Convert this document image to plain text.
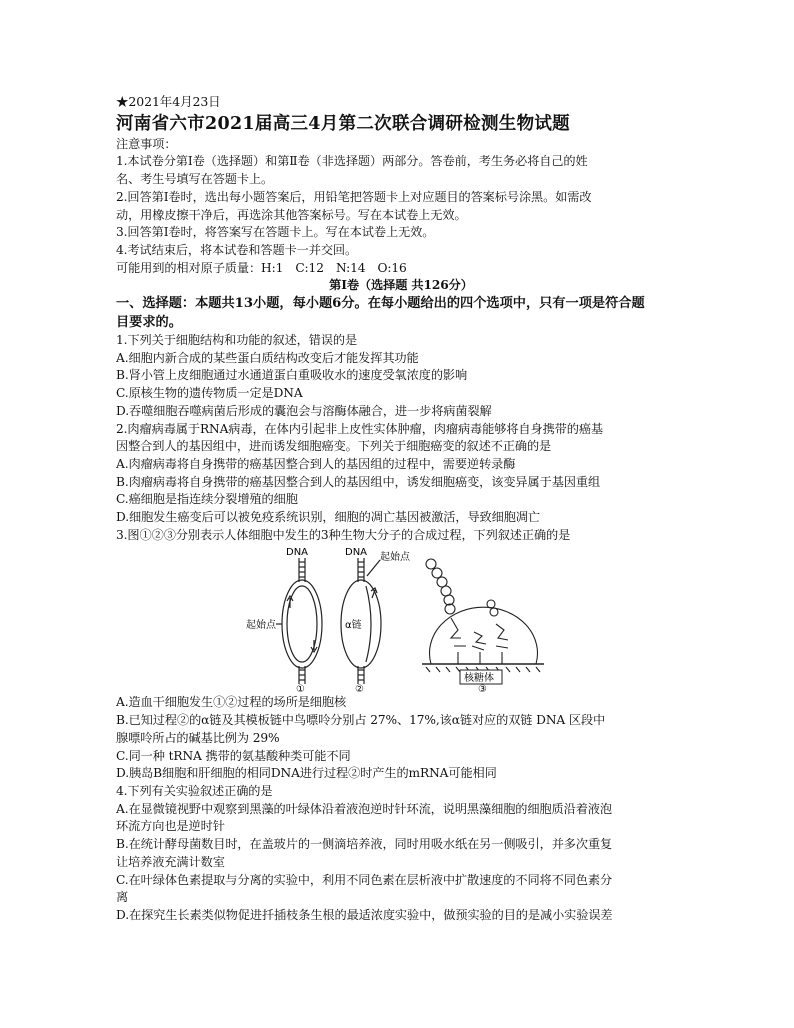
★2021年4月23日
河南省六市2021届高三4月第二次联合调研检测生物试题
注意事项：
1.本试卷分第Ⅰ卷（选择题）和第Ⅱ卷（非选择题）两部分。答卷前，考生务必将自己的姓
名、考生号填写在答题卡上。
2.回答第Ⅰ卷时，选出每小题答案后，用铅笔把答题卡上对应题目的答案标号涂黑。如需改
动，用橡皮擦干净后，再选涂其他答案标号。写在本试卷上无效。
3.回答第Ⅰ卷时，将答案写在答题卡上。写在本试卷上无效。
4.考试结束后，将本试卷和答题卡一并交回。
可能用到的相对原子质量：H:1　C:12　N:14　O:16
第Ⅰ卷（选择题 共126分）
一、选择题：本题共13小题，每小题6分。在每小题给出的四个选项中，只有一项是符合题
目要求的。
1.下列关于细胞结构和功能的叙述，错误的是
A.细胞内新合成的某些蛋白质结构改变后才能发挥其功能
B.肾小管上皮细胞通过水通道蛋白重吸收水的速度受氧浓度的影响
C.原核生物的遗传物质一定是DNA
D.吞噬细胞吞噬病菌后形成的囊泡会与溶酶体融合，进一步将病菌裂解
2.肉瘤病毒属于RNA病毒，在体内引起非上皮性实体肿瘤，肉瘤病毒能够将自身携带的癌基
因整合到人的基因组中，进而诱发细胞癌变。下列关于细胞癌变的叙述不正确的是
A.肉瘤病毒将自身携带的癌基因整合到人的基因组的过程中，需要逆转录酶
B.肉瘤病毒将自身携带的癌基因整合到人的基因组中，诱发细胞癌变，该变异属于基因重组
C.癌细胞是指连续分裂增殖的细胞
D.细胞发生癌变后可以被免疫系统识别，细胞的凋亡基因被激活，导致细胞凋亡
3.图①②③分别表示人体细胞中发生的3种生物大分子的合成过程，下列叙述正确的是
DNA
起始点
①
DNA 起始点
α链
②
核糖体
③
A.造血干细胞发生①②过程的场所是细胞核
B.已知过程②的α链及其模板链中鸟嘌呤分别占 27%、17%,该α链对应的双链 DNA 区段中
腺嘌呤所占的碱基比例为 29%
C.同一种 tRNA 携带的氨基酸种类可能不同
D.胰岛B细胞和肝细胞的相同DNA进行过程②时产生的mRNA可能相同
4.下列有关实验叙述正确的是
A.在显微镜视野中观察到黑藻的叶绿体沿着液泡逆时针环流，说明黑藻细胞的细胞质沿着液泡
环流方向也是逆时针
B.在统计酵母菌数目时，在盖玻片的一侧滴培养液，同时用吸水纸在另一侧吸引，并多次重复
让培养液充满计数室
C.在叶绿体色素提取与分离的实验中，利用不同色素在层析液中扩散速度的不同将不同色素分
离
D.在探究生长素类似物促进扦插枝条生根的最适浓度实验中，做预实验的目的是减小实验误差
